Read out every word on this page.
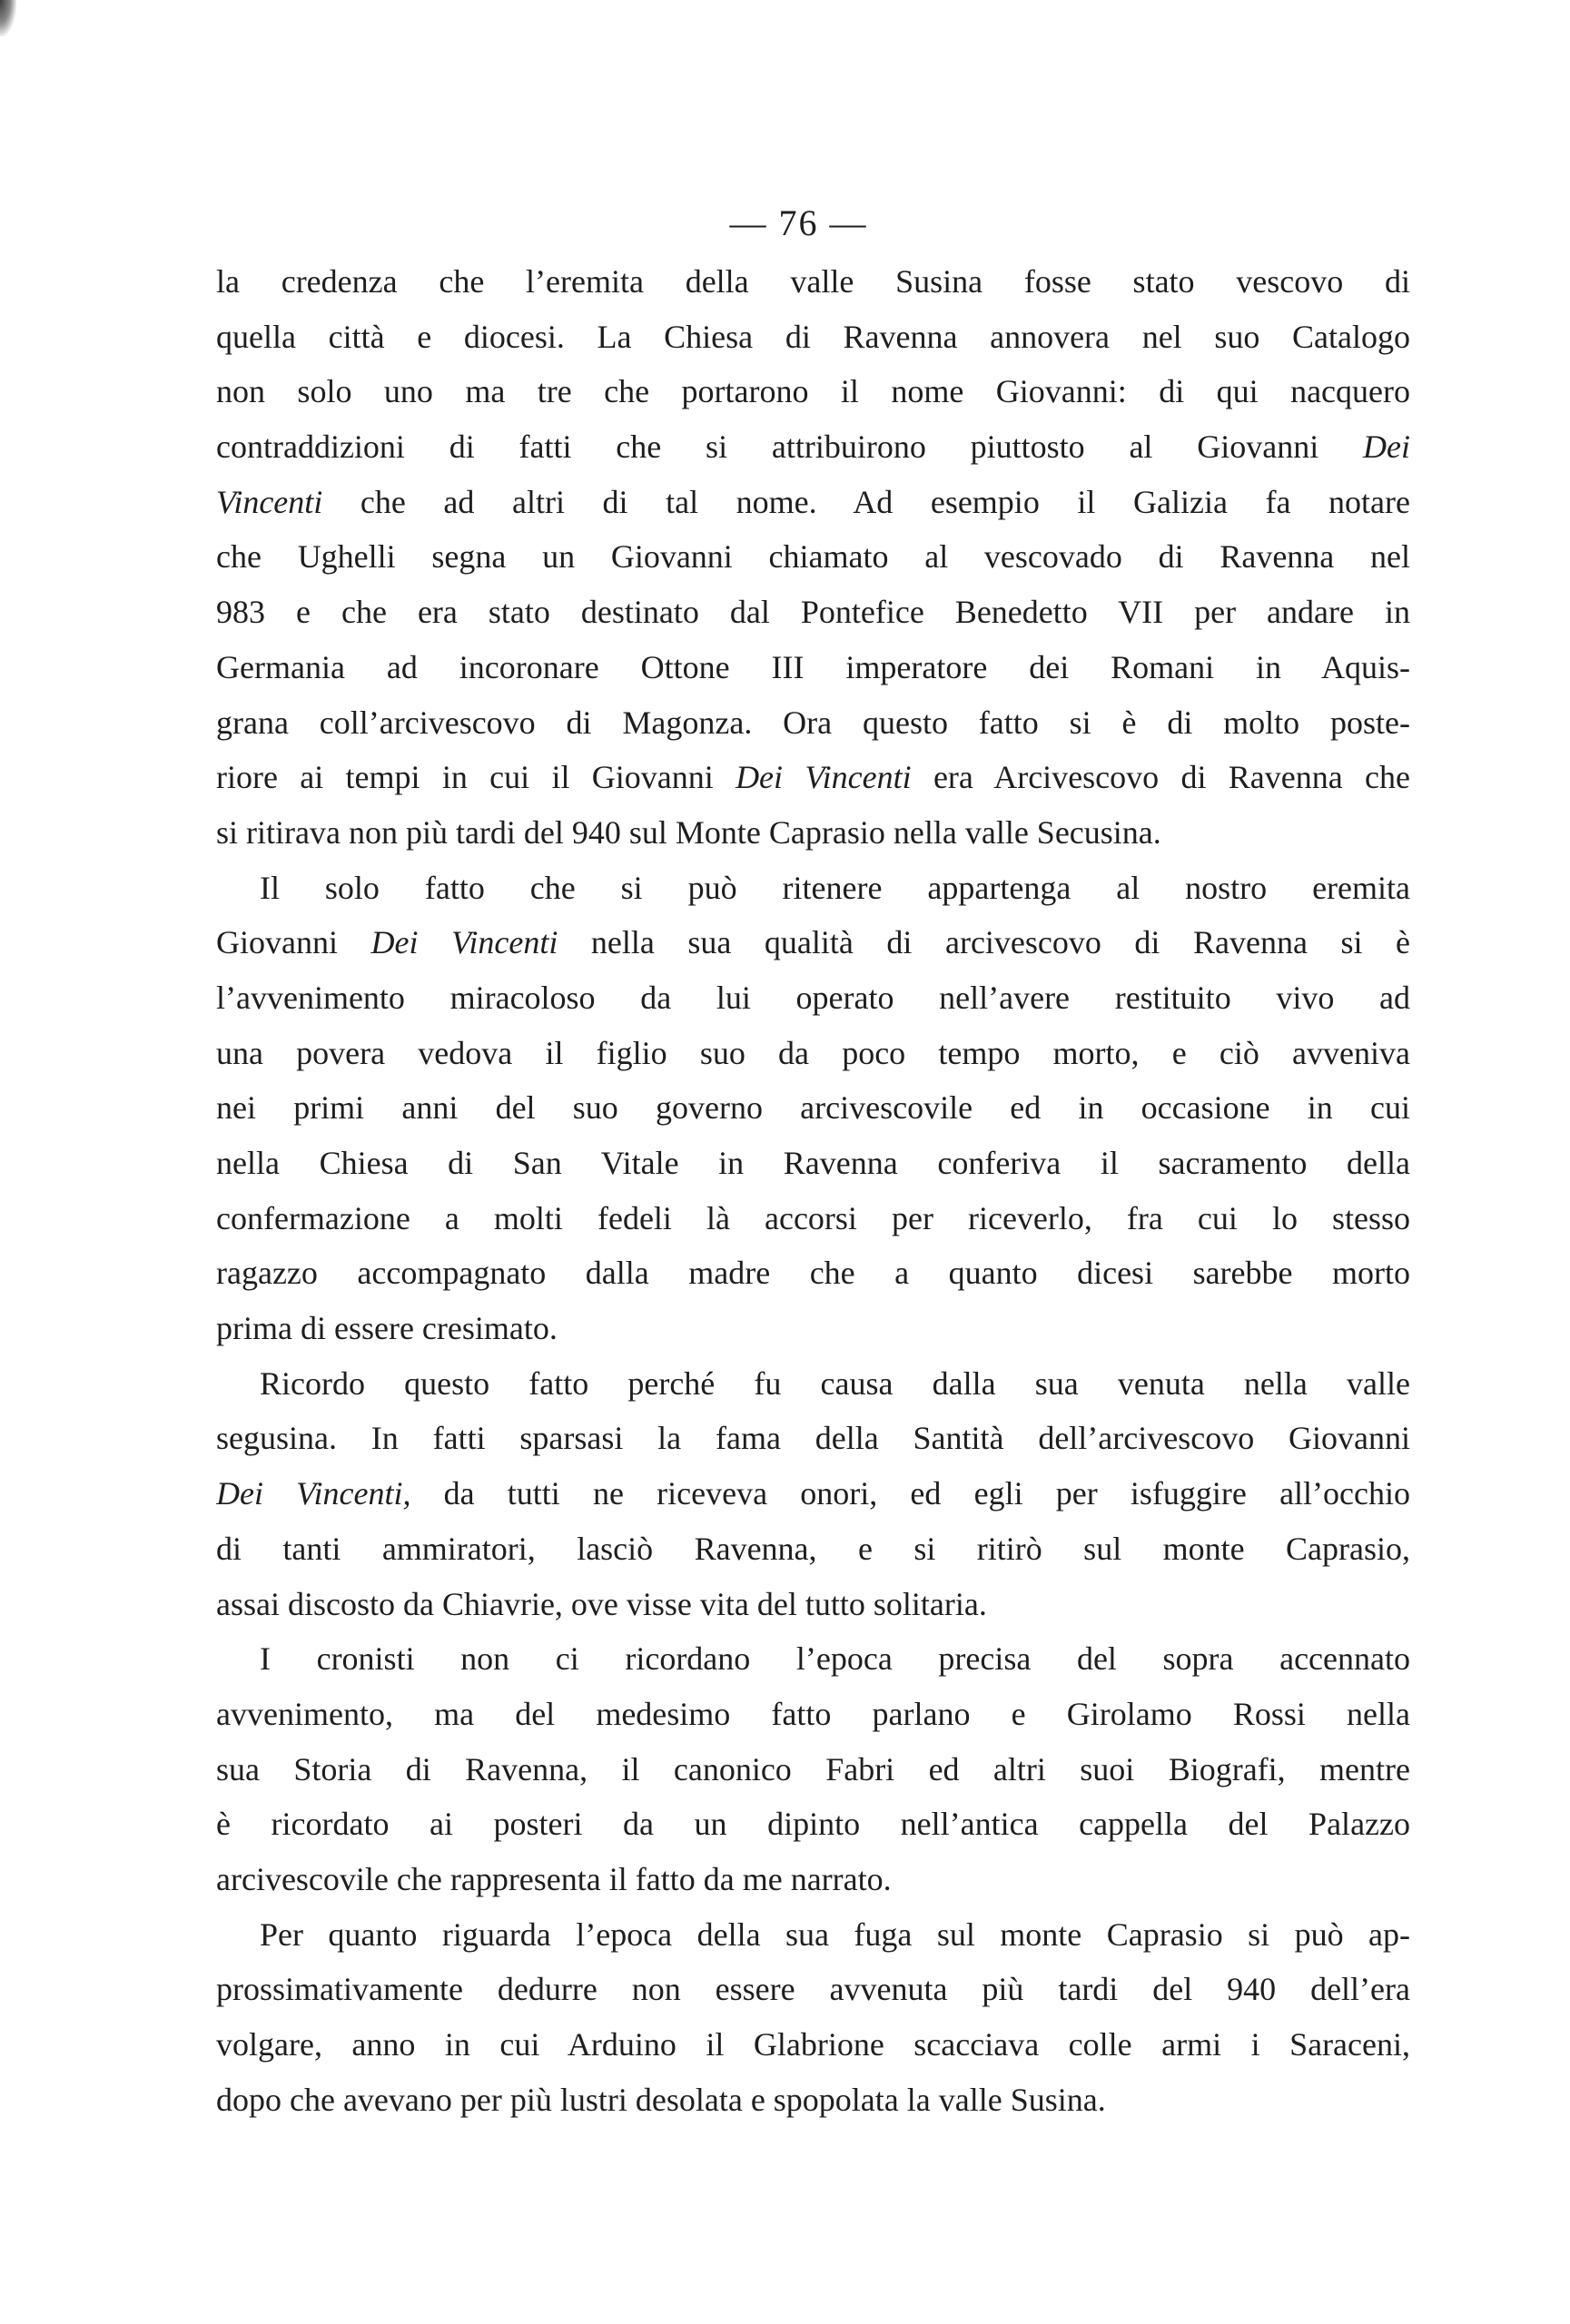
— 76 —
la credenza che l’eremita della valle Susina fosse stato vescovo di
quella città e diocesi. La Chiesa di Ravenna annovera nel suo Catalogo
non solo uno ma tre che portarono il nome Giovanni: di qui nacquero
contraddizioni di fatti che si attribuirono piuttosto al Giovanni Dei
Vincenti che ad altri di tal nome. Ad esempio il Galizia fa notare
che Ughelli segna un Giovanni chiamato al vescovado di Ravenna nel
983 e che era stato destinato dal Pontefice Benedetto VII per andare in
Germania ad incoronare Ottone III imperatore dei Romani in Aquis-
grana coll’arcivescovo di Magonza. Ora questo fatto si è di molto poste-
riore ai tempi in cui il Giovanni Dei Vincenti era Arcivescovo di Ravenna che
si ritirava non più tardi del 940 sul Monte Caprasio nella valle Secusina.
Il solo fatto che si può ritenere appartenga al nostro eremita
Giovanni Dei Vincenti nella sua qualità di arcivescovo di Ravenna si è
l’avvenimento miracoloso da lui operato nell’avere restituito vivo ad
una povera vedova il figlio suo da poco tempo morto, e ciò avveniva
nei primi anni del suo governo arcivescovile ed in occasione in cui
nella Chiesa di San Vitale in Ravenna conferiva il sacramento della
confermazione a molti fedeli là accorsi per riceverlo, fra cui lo stesso
ragazzo accompagnato dalla madre che a quanto dicesi sarebbe morto
prima di essere cresimato.
Ricordo questo fatto perché fu causa dalla sua venuta nella valle
segusina. In fatti sparsasi la fama della Santità dell’arcivescovo Giovanni
Dei Vincenti, da tutti ne riceveva onori, ed egli per isfuggire all’occhio
di tanti ammiratori, lasciò Ravenna, e si ritirò sul monte Caprasio,
assai discosto da Chiavrie, ove visse vita del tutto solitaria.
I cronisti non ci ricordano l’epoca precisa del sopra accennato
avvenimento, ma del medesimo fatto parlano e Girolamo Rossi nella
sua Storia di Ravenna, il canonico Fabri ed altri suoi Biografi, mentre
è ricordato ai posteri da un dipinto nell’antica cappella del Palazzo
arcivescovile che rappresenta il fatto da me narrato.
Per quanto riguarda l’epoca della sua fuga sul monte Caprasio si può ap-
prossimativamente dedurre non essere avvenuta più tardi del 940 dell’era
volgare, anno in cui Arduino il Glabrione scacciava colle armi i Saraceni,
dopo che avevano per più lustri desolata e spopolata la valle Susina.
